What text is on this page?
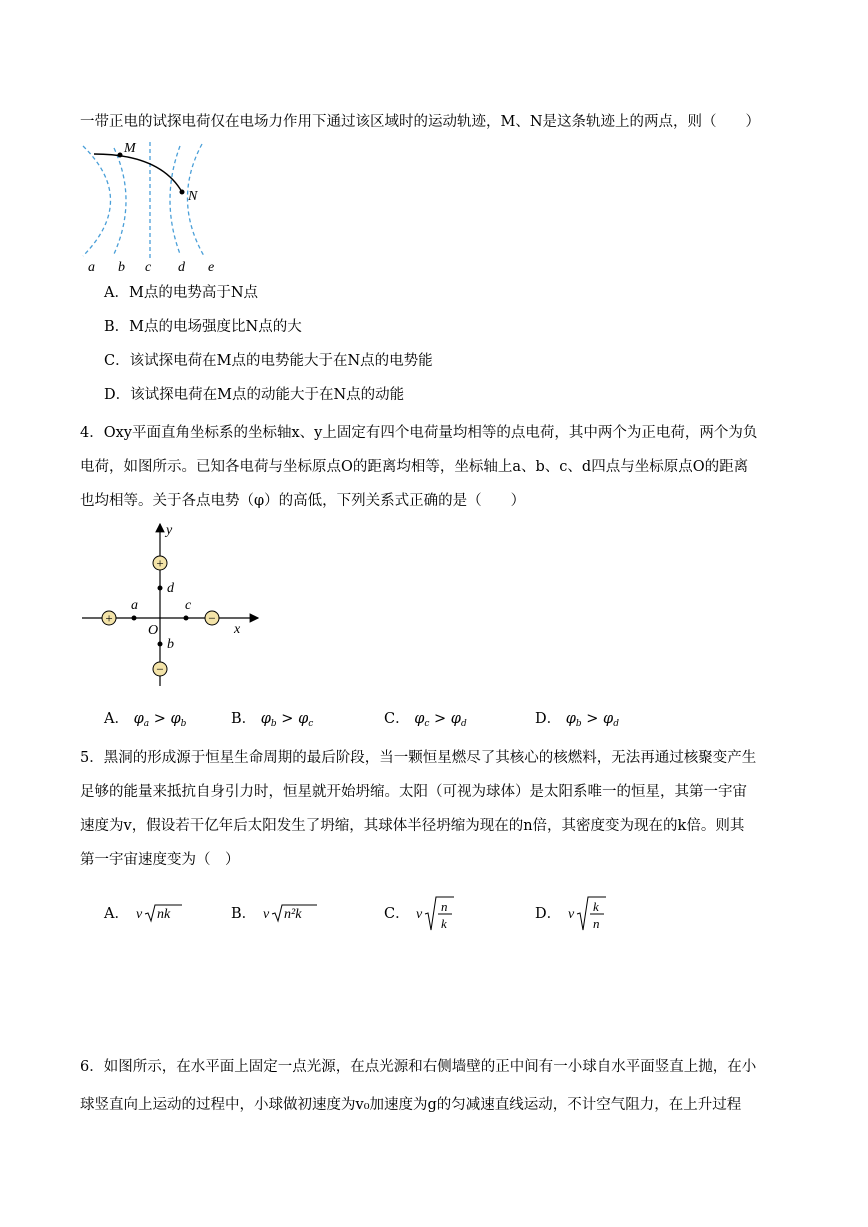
一带正电的试探电荷仅在电场力作用下通过该区域时的运动轨迹，M、N是这条轨迹上的两点，则（　　）
M
N
a b c d e
A．M点的电势高于N点
B．M点的电场强度比N点的大
C．该试探电荷在M点的电势能大于在N点的电势能
D．该试探电荷在M点的动能大于在N点的动能
4．Oxy平面直角坐标系的坐标轴x、y上固定有四个电荷量均相等的点电荷，其中两个为正电荷，两个为负
电荷，如图所示。已知各电荷与坐标原点O的距离均相等，坐标轴上a、b、c、d四点与坐标原点O的距离
也均相等。关于各点电势（φ）的高低，下列关系式正确的是（　　）
+
+	−
−
y
x
O
a	c
d
b
A． $\varphi_a > \varphi_b$	B． $\varphi_b > \varphi_c$	C． $\varphi_c > \varphi_d$	D． $\varphi_b > \varphi_d$
5．黑洞的形成源于恒星生命周期的最后阶段，当一颗恒星燃尽了其核心的核燃料，无法再通过核聚变产生
足够的能量来抵抗自身引力时，恒星就开始坍缩。太阳（可视为球体）是太阳系唯一的恒星，其第一宇宙
速度为v，假设若干亿年后太阳发生了坍缩，其球体半径坍缩为现在的n倍，其密度变为现在的k倍。则其
第一宇宙速度变为（　）
A． v nk	B． v n²k	C． v
n
k
D． v
k
n
6．如图所示，在水平面上固定一点光源，在点光源和右侧墙壁的正中间有一小球自水平面竖直上抛，在小
球竖直向上运动的过程中，小球做初速度为v₀加速度为g的匀减速直线运动，不计空气阻力，在上升过程
